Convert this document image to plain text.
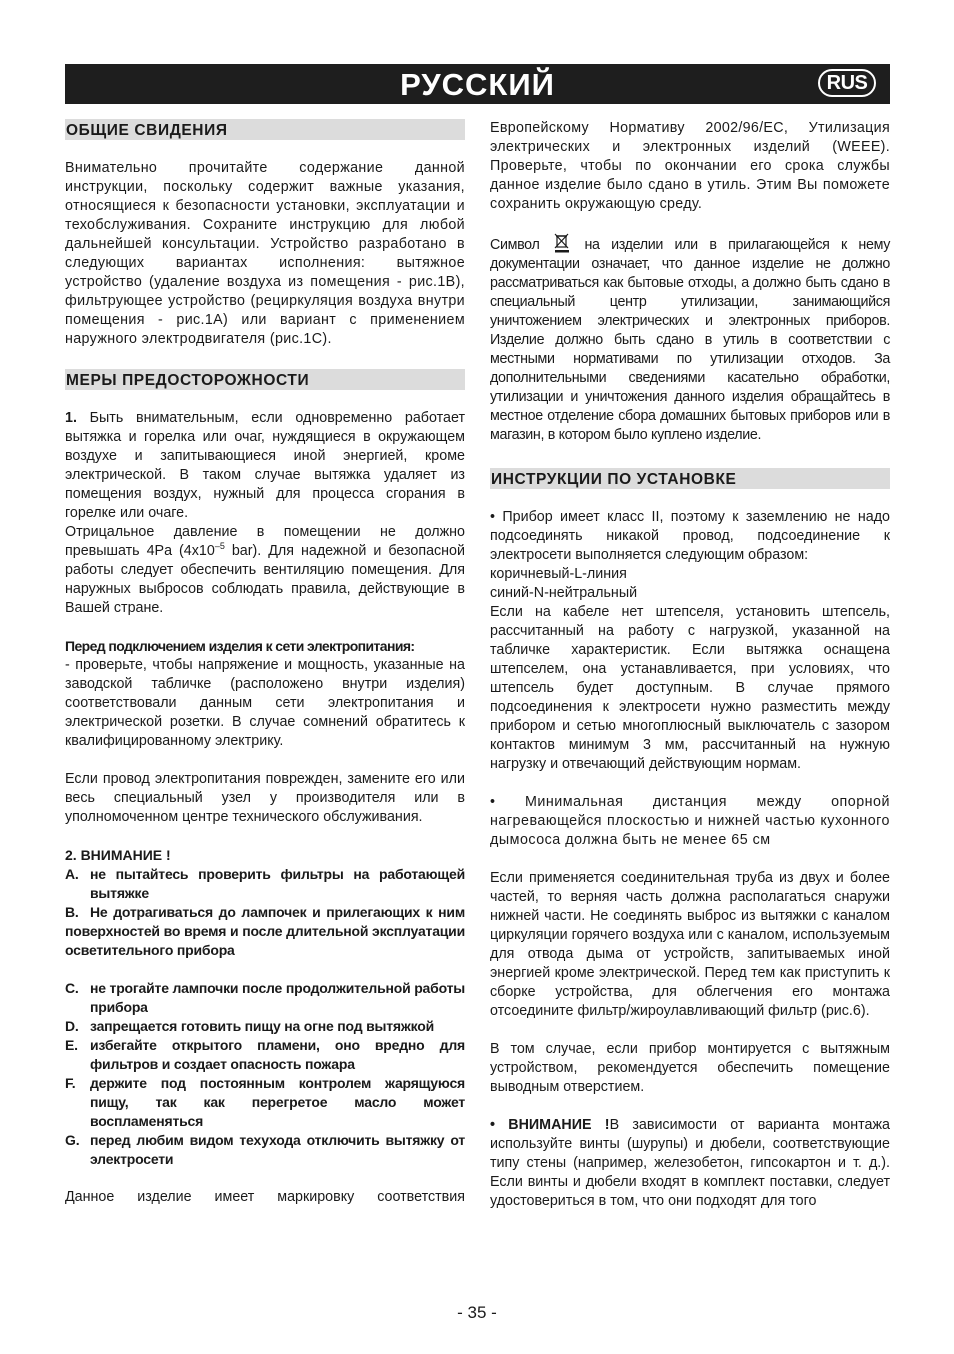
РУССКИЙ	RUS
ОБЩИЕ СВИДЕНИЯ

Внимательно прочитайте содержание данной инструкции, поскольку содержит важные указания, относящиеся к безопасности установки, эксплуатации и техобслуживания. Сохраните инструкцию для любой дальнейшей консультации. Устройство разработано в следующих вариантах исполнения: вытяжное устройство (удаление воздуха из помещения - рис.1B), фильтрующее устройство (рециркуляция воздуха внутри помещения - рис.1A) или вариант с применением наружного электродвигателя (рис.1C).

МЕРЫ ПРЕДОСТОРОЖНОСТИ

1. Быть внимательным, если одновременно работает вытяжка и горелка или очаг, нуждящиеся в окружающем воздухе и запитывающиеся иной энергией, кроме электрической. В таком случае вытяжка удаляет из помещения воздух, нужный для процесса сгорания в горелке или очаге.

Отрицальное давление в помещении не должно превышать 4Pa ($4x10^{-5}$ bar). Для надежной и безопасной работы следует обеспечить вентиляцию помещения. Для наружных выбросов соблюдать правила, действующие в Вашей стране.

Перед подключением изделия к сети электропитания:

- проверьте, чтобы напряжение и мощность, указанные на заводской табличке (расположено внутри изделия) соответствовали данным сети электропитания и электрической розетки. В случае сомнений обратитесь к квалифицированному электрику.

Если провод электропитания поврежден, замените его или весь специальный узел у производителя или в уполномоченном центре технического обслуживания.

2. ВНИМАНИЕ !

A. не пытайтесь проверить фильтры на работающей вытяжке
B. Не дотрагиваться до лампочек и прилегающих к ним поверхностей во время и после длительной эксплуатации осветительного прибора
C. не трогайте лампочки после продолжительной работы прибора
D. запрещается готовить пищу на огне под вытяжкой
E. избегайте открытого пламени, оно вредно для фильтров и создает опасность пожара
F.	держите под постоянным контролем жарящуюся пищу, так как перегретое масло может воспламеняться
G. перед любим видом техухода отключить вытяжку от электросети

Данное изделие имеет маркировку соответствия

Европейскому Нормативу 2002/96/EC, Утилизация электрических и электронных изделий (WEEE). Проверьте, чтобы по окончании его срока службы данное изделие было сдано в утиль. Этим Вы поможете сохранить окружающую среду.

Символ  на изделии или в прилагающейся к нему документации означает, что данное изделие не должно рассматриваться как бытовые отходы, а должно быть сдано в специальный центр утилизации, занимающийся уничтожением электрических и электронных приборов. Изделие должно быть сдано в утиль в соответствии с местными нормативами по утилизации отходов. За дополнительными сведениями касательно обработки, утилизации и уничтожения данного изделия обращайтесь в местное отделение сбора домашних бытовых приборов или в магазин, в котором было куплено изделие.

ИНСТРУКЦИИ ПО УСТАНОВКЕ

• Прибор имеет класс II, поэтому к заземлению не надо подсоединять никакой провод, подсоединение к электросети выполняется следующим образом:

коричневый-L-линия

синий-N-нейтральный

Если на кабеле нет штепселя, установить штепсель, рассчитанный на работу с нагрузкой, указанной на табличке характеристик. Если вытяжка оснащена штепселем, она устанавливается, при условиях, что штепсель будет доступным. В случае прямого подсоединения к электросети нужно разместить между прибором и сетью многоплюсный выключатель с зазором контактов минимум 3 мм, рассчитанный на нужную нагрузку и отвечающий действующим нормам.

• Минимальная дистанция между опорной нагревающейся плоскостью и нижней частью кухонного дымососа должна быть не менее 65 см

Если применяется соединительная труба из двух и более частей, то верняя часть должна располагаться снаружи нижней части. Не соединять выброс из вытяжки с каналом циркуляции горячего воздуха или с каналом, используемым для отвода дыма от устройств, запитываемых иной энергией кроме электрической. Перед тем как приступить к сборке устройства, для облегчения его монтажа отсоедините фильтр/жироулавливающий фильтр (рис.6).

В том случае, если прибор монтируется с вытяжным устройством, рекомендуется обеспечить помещение выводным отверстием.

• ВНИМАНИЕ !В зависимости от варианта монтажа используйте винты (шурупы) и дюбели, соответствующие типу стены (например, железобетон, гипсокартон и т. д.). Если винты и дюбели входят в комплект поставки, следует удостовериться в том, что они подходят для того

- 35 -
